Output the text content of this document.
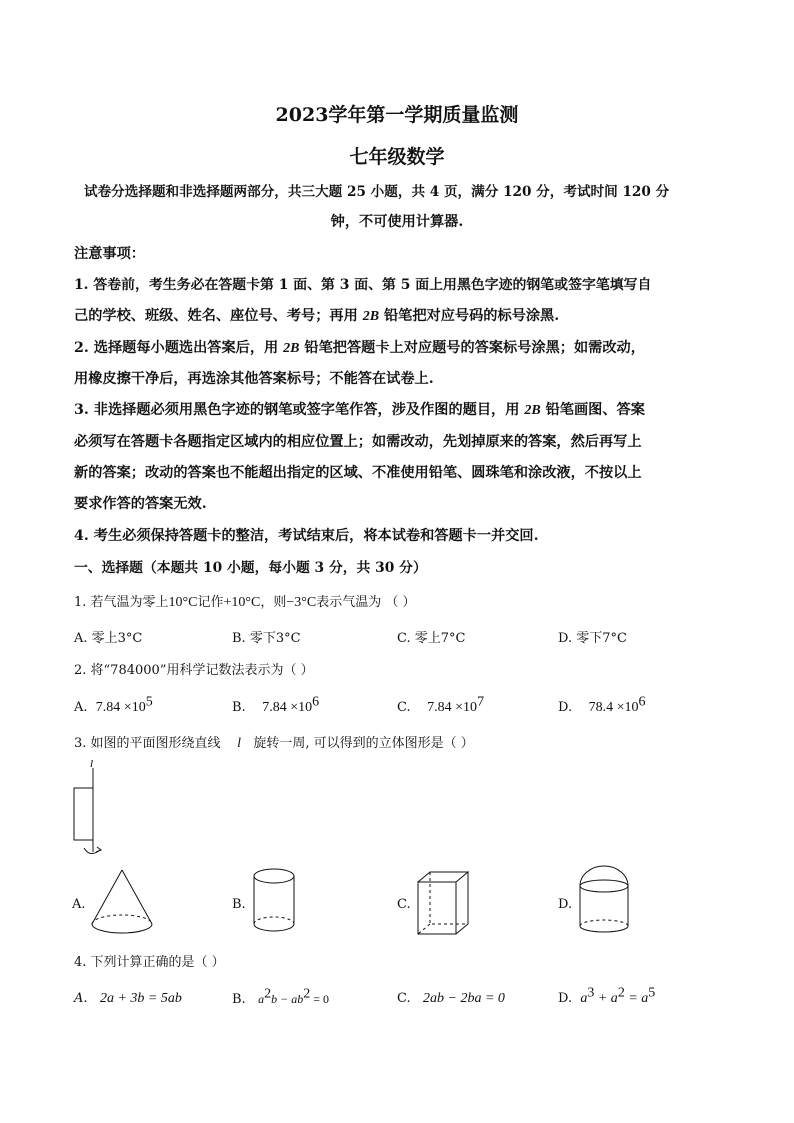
2023学年第一学期质量监测
七年级数学
试卷分选择题和非选择题两部分，共三大题 25 小题，共 4 页，满分 120 分，考试时间 120 分
钟，不可使用计算器.
注意事项：
1. 答卷前，考生务必在答题卡第 1 面、第 3 面、第 5 面上用黑色字迹的钢笔或签字笔填写自
己的学校、班级、姓名、座位号、考号；再用 2B 铅笔把对应号码的标号涂黑.
2. 选择题每小题选出答案后，用 2B 铅笔把答题卡上对应题号的答案标号涂黑；如需改动，
用橡皮擦干净后，再选涂其他答案标号；不能答在试卷上.
3. 非选择题必须用黑色字迹的钢笔或签字笔作答，涉及作图的题目，用 2B 铅笔画图、答案
必须写在答题卡各题指定区域内的相应位置上；如需改动，先划掉原来的答案，然后再写上
新的答案；改动的答案也不能超出指定的区域、不准使用铅笔、圆珠笔和涂改液，不按以上
要求作答的答案无效.
4. 考生必须保持答题卡的整洁，考试结束后，将本试卷和答题卡一并交回.
一、选择题（本题共 10 小题，每小题 3 分，共 30 分）
1. 若气温为零上10°C记作+10°C，则−3°C表示气温为 （ ）
A. 零上3°C	B. 零下3°C	C. 零上7°C	D. 零下7°C
2. 将“784000”用科学记数法表示为（ ）
A. $7.84 \times 10^5$	B. $7.84 \times 10^6$	C. $7.84 \times 10^7$	D. $78.4 \times 10^6$
3. 如图的平面图形绕直线 l 旋转一周, 可以得到的立体图形是（ ）
l
A.	B.	C.	D.
4. 下列计算正确的是（ ）
A. 2a + 3b = 5ab	B. $a^2b - ab^2 = 0$	C. 2ab − 2ba = 0	D. $a^3 + a^2 = a^5$
